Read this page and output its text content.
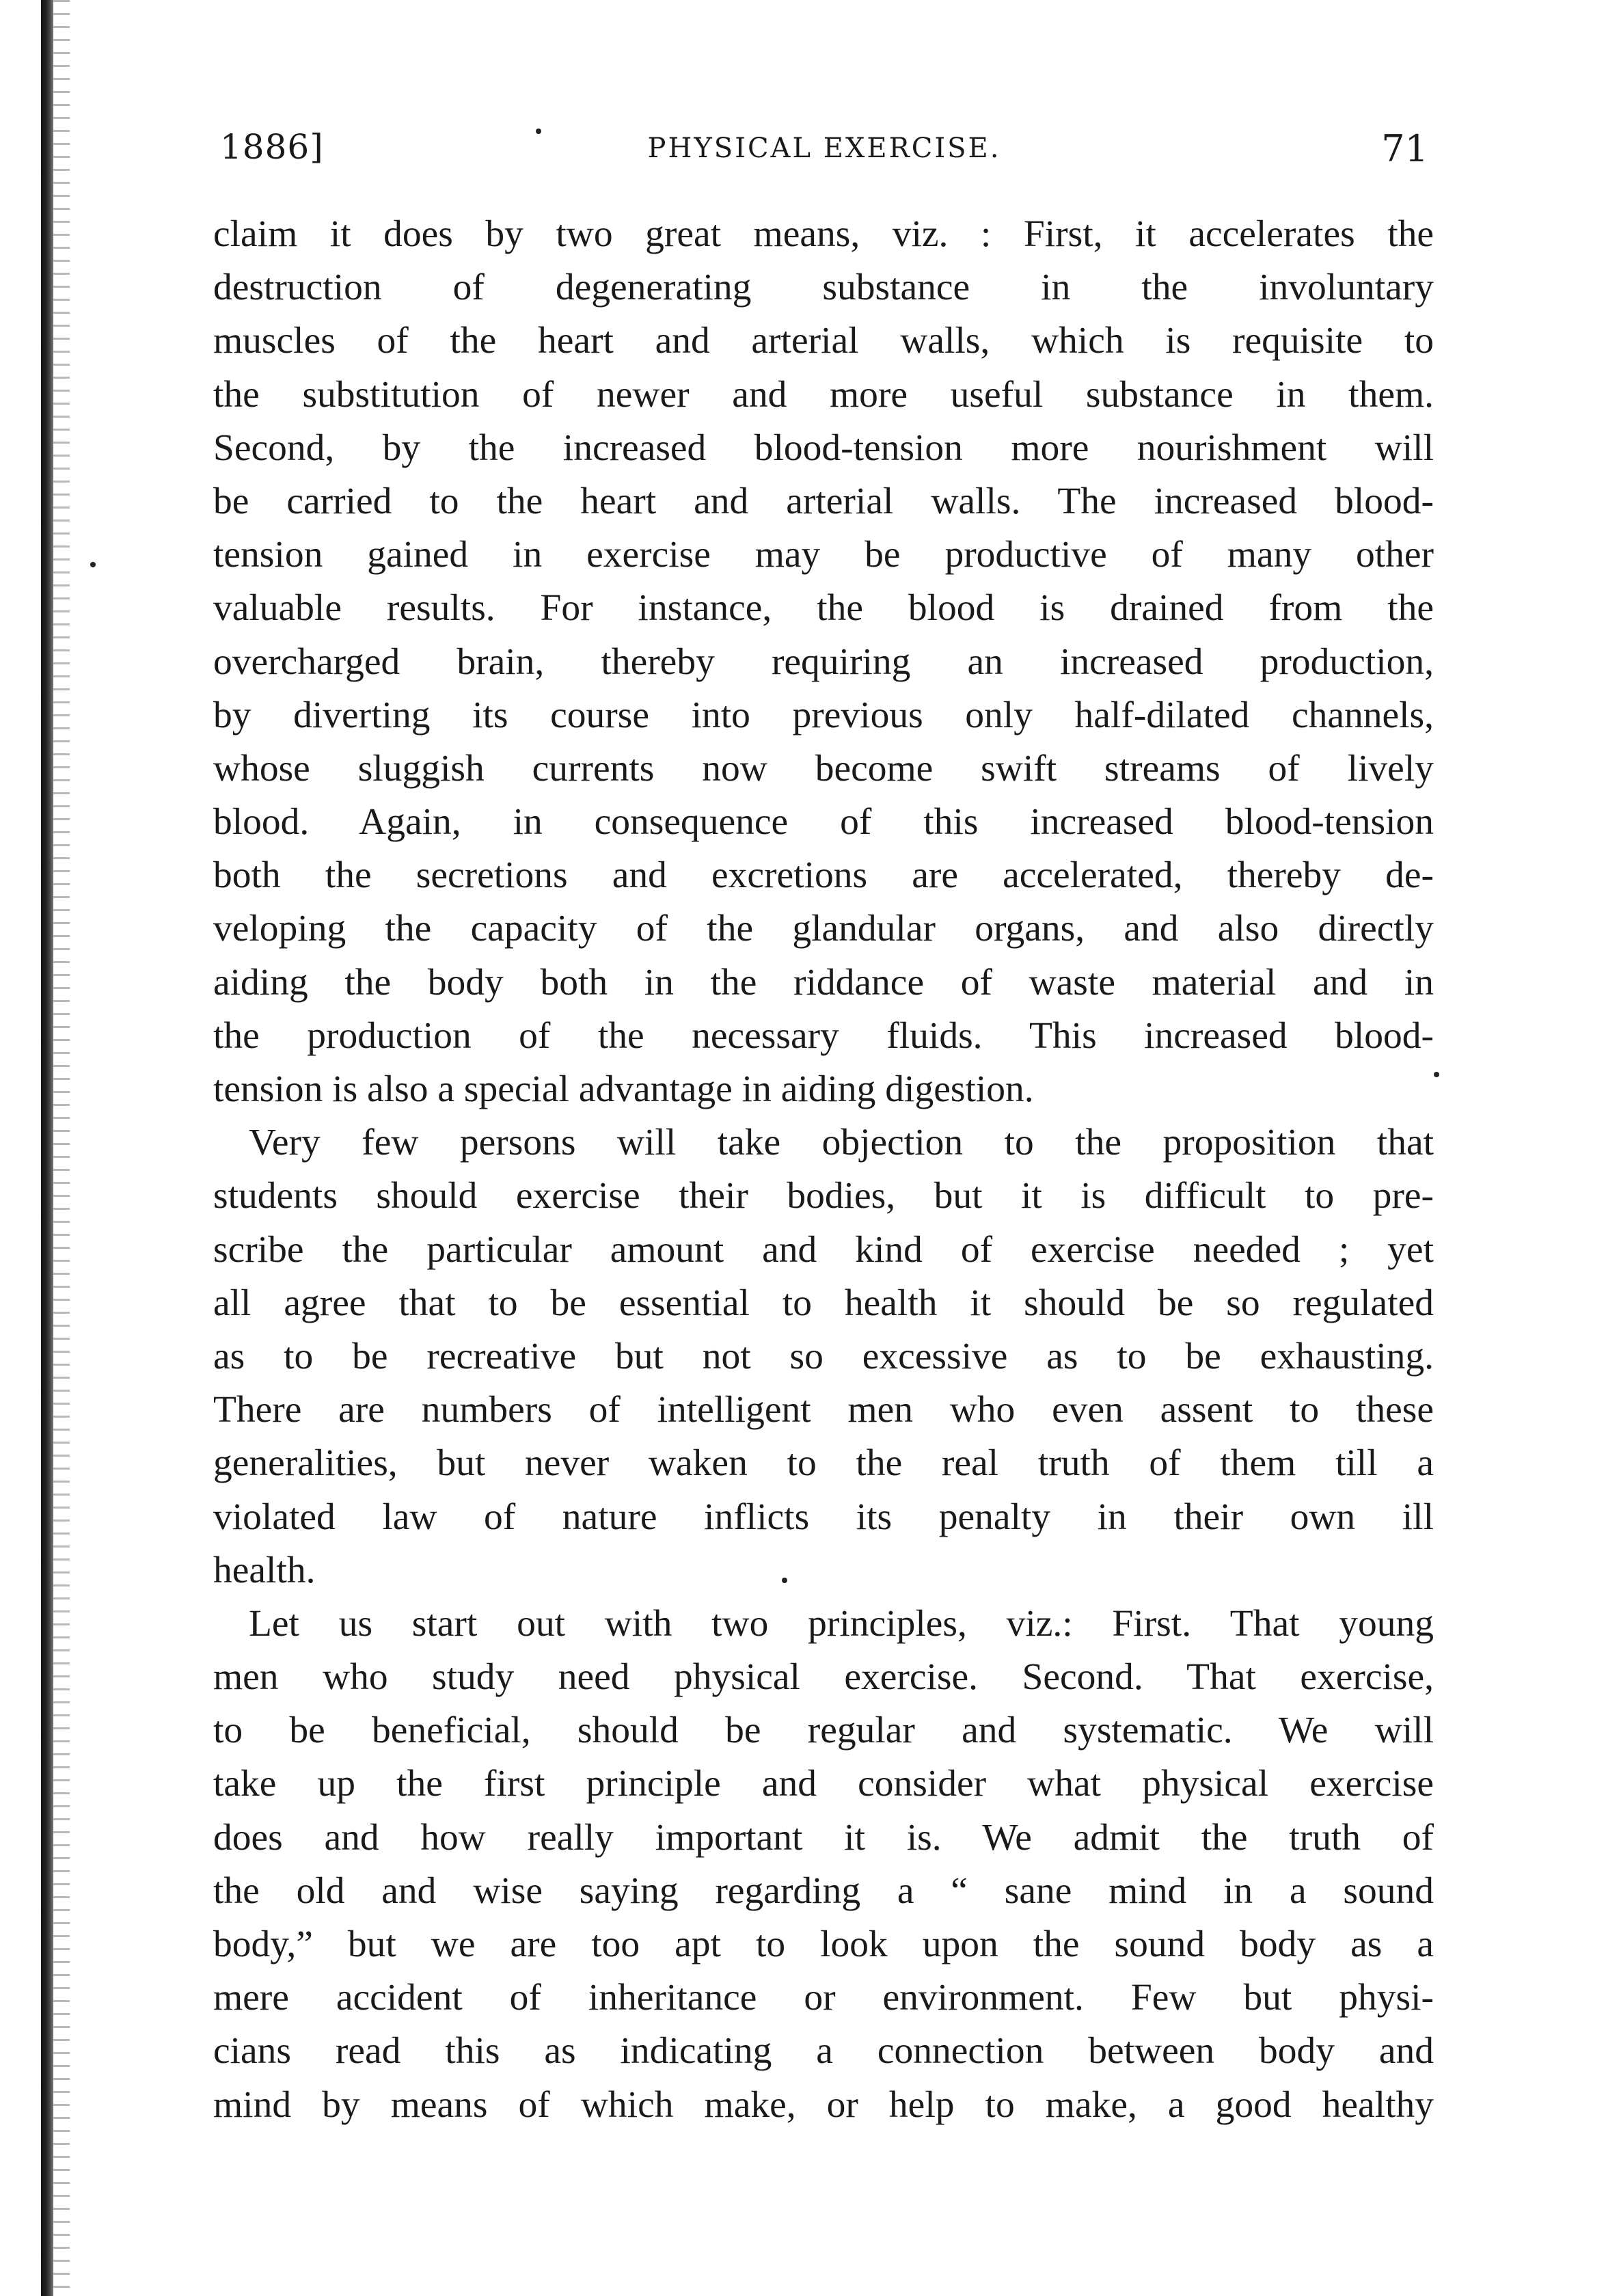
1886]	PHYSICAL EXERCISE.	71
claim it does by two great means, viz. : First, it accelerates the
destruction of degenerating substance in the involuntary
muscles of the heart and arterial walls, which is requisite to
the substitution of newer and more useful substance in them.
Second, by the increased blood-tension more nourishment will
be carried to the heart and arterial walls. The increased blood-
tension gained in exercise may be productive of many other
valuable results. For instance, the blood is drained from the
overcharged brain, thereby requiring an increased production,
by diverting its course into previous only half-dilated channels,
whose sluggish currents now become swift streams of lively
blood. Again, in consequence of this increased blood-tension
both the secretions and excretions are accelerated, thereby de-
veloping the capacity of the glandular organs, and also directly
aiding the body both in the riddance of waste material and in
the production of the necessary fluids. This increased blood-
tension is also a special advantage in aiding digestion.
Very few persons will take objection to the proposition that
students should exercise their bodies, but it is difficult to pre-
scribe the particular amount and kind of exercise needed ; yet
all agree that to be essential to health it should be so regulated
as to be recreative but not so excessive as to be exhausting.
There are numbers of intelligent men who even assent to these
generalities, but never waken to the real truth of them till a
violated law of nature inflicts its penalty in their own ill
health.
Let us start out with two principles, viz.: First. That young
men who study need physical exercise. Second. That exercise,
to be beneficial, should be regular and systematic. We will
take up the first principle and consider what physical exercise
does and how really important it is. We admit the truth of
the old and wise saying regarding a “ sane mind in a sound
body,” but we are too apt to look upon the sound body as a
mere accident of inheritance or environment. Few but physi-
cians read this as indicating a connection between body and
mind by means of which make, or help to make, a good healthy
